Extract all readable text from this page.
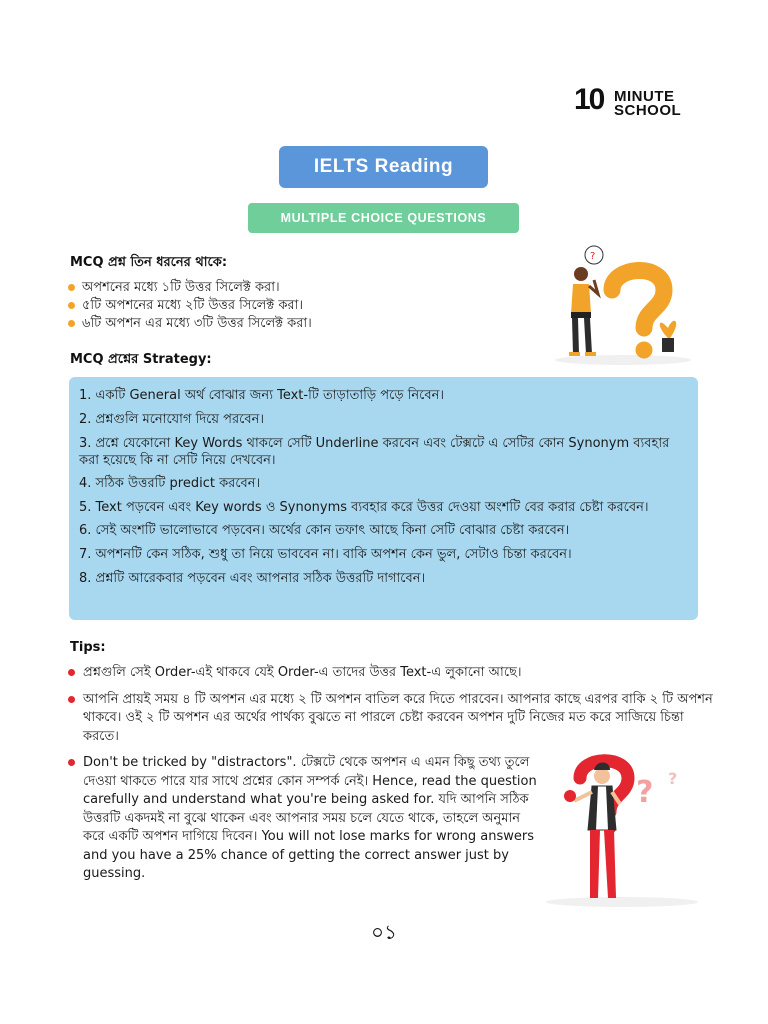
10 MINUTE
SCHOOL
IELTS Reading
MULTIPLE CHOICE QUESTIONS
MCQ প্রশ্ন তিন ধরনের থাকে:
অপশনের মধ্যে ১টি উত্তর সিলেক্ট করা।
৫টি অপশনের মধ্যে ২টি উত্তর সিলেক্ট করা।
৬টি অপশন এর মধ্যে ৩টি উত্তর সিলেক্ট করা।
?
MCQ প্রশ্নের Strategy:
1. একটি General অর্থ বোঝার জন্য Text-টি তাড়াতাড়ি পড়ে নিবেন।
2. প্রশ্নগুলি মনোযোগ দিয়ে পরবেন।
3. প্রশ্নে যেকোনো Key Words থাকলে সেটি Underline করবেন এবং টেক্সটে এ সেটির কোন Synonym ব্যবহার করা হয়েছে কি না সেটি নিয়ে দেখবেন।
4. সঠিক উত্তরটি predict করবেন।
5. Text পড়বেন এবং Key words ও Synonyms ব্যবহার করে উত্তর দেওয়া অংশটি বের করার চেষ্টা করবেন।
6. সেই অংশটি ভালোভাবে পড়বেন। অর্থের কোন তফাৎ আছে কিনা সেটি বোঝার চেষ্টা করবেন।
7. অপশনটি কেন সঠিক, শুধু তা নিয়ে ভাববেন না। বাকি অপশন কেন ভুল, সেটাও চিন্তা করবেন।
8. প্রশ্নটি আরেকবার পড়বেন এবং আপনার সঠিক উত্তরটি দাগাবেন।
Tips:
প্রশ্নগুলি সেই Order-এই থাকবে যেই Order-এ তাদের উত্তর Text-এ লুকানো আছে।
আপনি প্রায়ই সময় ৪ টি অপশন এর মধ্যে ২ টি অপশন বাতিল করে দিতে পারবেন। আপনার কাছে এরপর বাকি ২ টি অপশন থাকবে। ওই ২ টি অপশন এর অর্থের পার্থক্য বুঝতে না পারলে চেষ্টা করবেন অপশন দুটি নিজের মত করে সাজিয়ে চিন্তা করতে।
Don't be tricked by "distractors". টেক্সটে থেকে অপশন এ এমন কিছু তথ্য তুলে দেওয়া থাকতে পারে যার সাথে প্রশ্নের কোন সম্পর্ক নেই। Hence, read the question carefully and understand what you're being asked for. যদি আপনি সঠিক উত্তরটি একদমই না বুঝে থাকেন এবং আপনার সময় চলে যেতে থাকে, তাহলে অনুমান করে একটি অপশন দাগিয়ে দিবেন। You will not lose marks for wrong answers and you have a 25% chance of getting the correct answer just by guessing.
? ?
০১
